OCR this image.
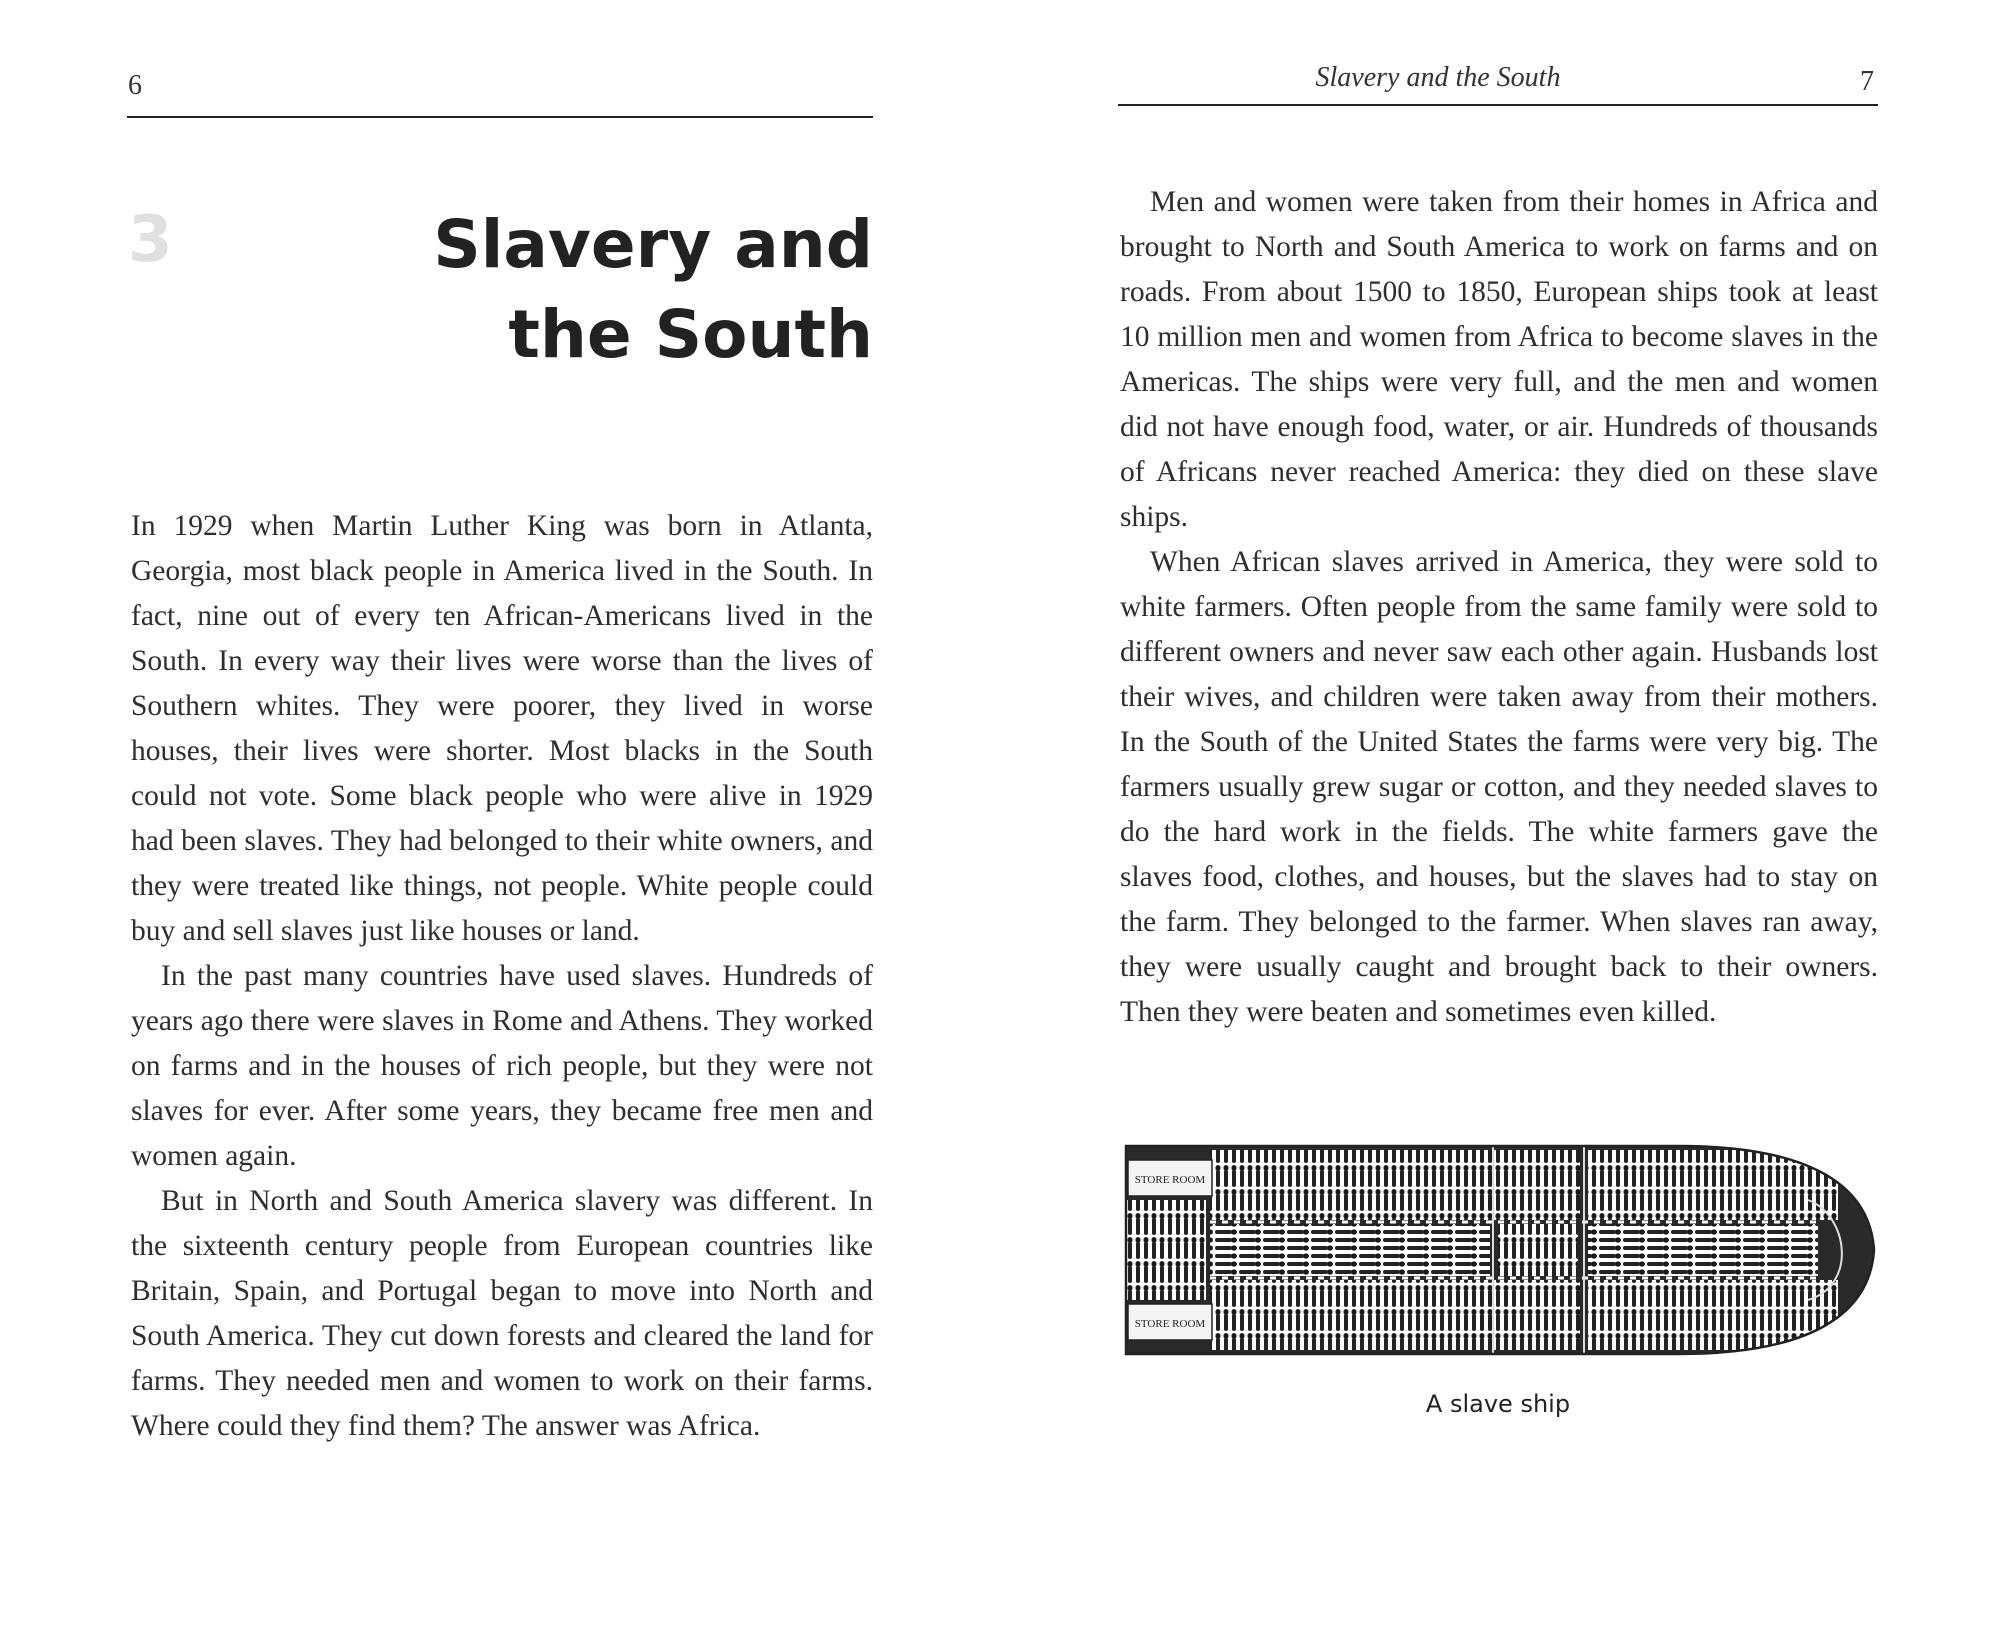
6
3	Slavery and
the South

In 1929 when Martin Luther King was born in Atlanta, Georgia, most black people in America lived in the South. In fact, nine out of every ten African-Americans lived in the South. In every way their lives were worse than the lives of Southern whites. They were poorer, they lived in worse houses, their lives were shorter. Most blacks in the South could not vote. Some black people who were alive in 1929 had been slaves. They had belonged to their white owners, and they were treated like things, not people. White people could buy and sell slaves just like houses or land.

In the past many countries have used slaves. Hundreds of years ago there were slaves in Rome and Athens. They worked on farms and in the houses of rich people, but they were not slaves for ever. After some years, they became free men and women again.

But in North and South America slavery was different. In the sixteenth century people from European countries like Britain, Spain, and Portugal began to move into North and South America. They cut down forests and cleared the land for farms. They needed men and women to work on their farms. Where could they find them? The answer was Africa.

Slavery and the South	7

Men and women were taken from their homes in Africa and brought to North and South America to work on farms and on roads. From about 1500 to 1850, European ships took at least 10 million men and women from Africa to become slaves in the Americas. The ships were very full, and the men and women did not have enough food, water, or air. Hundreds of thousands of Africans never reached America: they died on these slave ships.

When African slaves arrived in America, they were sold to white farmers. Often people from the same family were sold to different owners and never saw each other again. Husbands lost their wives, and children were taken away from their mothers. In the South of the United States the farms were very big. The farmers usually grew sugar or cotton, and they needed slaves to do the hard work in the fields. The white farmers gave the slaves food, clothes, and houses, but the slaves had to stay on the farm. They belonged to the farmer. When slaves ran away, they were usually caught and brought back to their owners. Then they were beaten and sometimes even killed.

STORE ROOM
STORE ROOM
A slave ship
